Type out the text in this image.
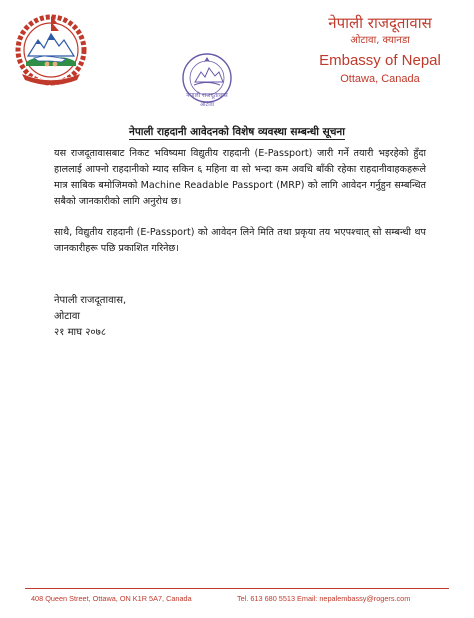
नेपाली राजदूतावास
ओटावा
नेपाली राजदूतावास
ओटावा, क्यानडा
Embassy of Nepal
Ottawa, Canada
नेपाली राहदानी आवेदनको विशेष व्यवस्था सम्बन्धी सूचना
यस राजदूतावासबाट निकट भविष्यमा विद्युतीय राहदानी (E-Passport) जारी गर्ने तयारी भइरहेको हुँदा हाललाई आफ्नो राहदानीको म्याद सकिन ६ महिना वा सो भन्दा कम अवधि बाँकी रहेका राहदानीवाहकहरूले मात्र साबिक बमोजिमको Machine Readable Passport (MRP) को लागि आवेदन गर्नुहुन सम्बन्धित सबैको जानकारीको लागि अनुरोध छ।
साथै, विद्युतीय राहदानी (E-Passport) को आवेदन लिने मिति तथा प्रकृया तय भएपश्चात् सो सम्बन्धी थप जानकारीहरू पछि प्रकाशित गरिनेछ।
नेपाली राजदूतावास,
ओटावा
२१ माघ २०७८
408 Queen Street, Ottawa, ON K1R 5A7, Canada	Tel. 613 680 5513 Email: nepalembassy@rogers.com
